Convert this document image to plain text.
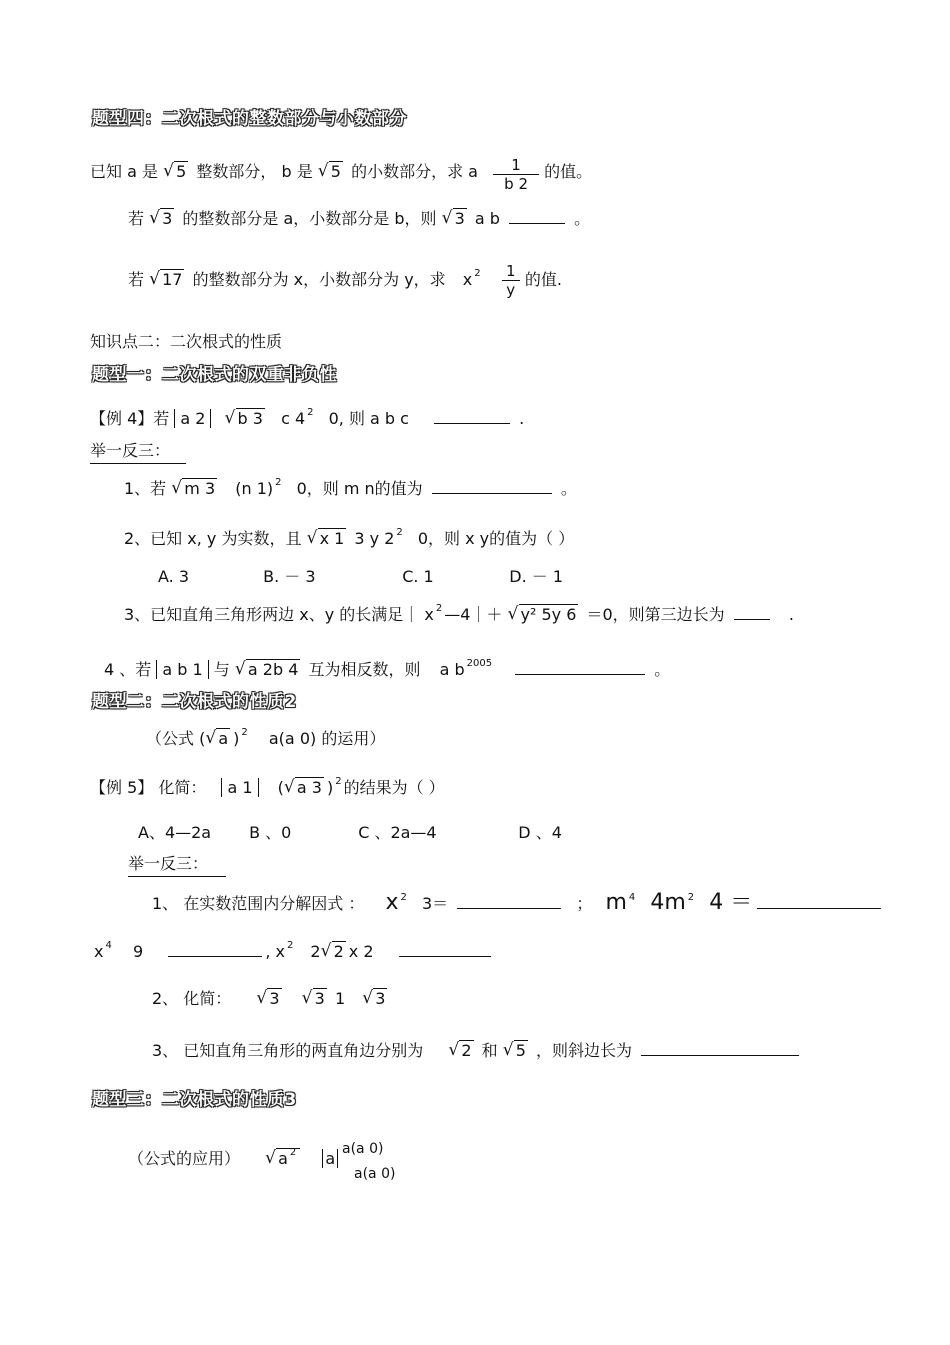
题型四：二次根式的整数部分与小数部分
已知 a 是 √ 5 整数部分， b 是 √ 5 的小数部分，求 a $\frac{1}{b 2}$ 的值。
若 √ 3 的整数部分是 a，小数部分是 b，则 √ 3 a b	。
若 √ 17 的整数部分为 x，小数部分为 y，求 x $^2 \frac{1}{y}$ 的值.
知识点二：二次根式的性质
题型一：二次根式的双重非负性
【例 4】若 a 2 √ b 3 c 4 $^2$ 0, 则 a b c	.
举一反三：
1、若 √ m 3 (n 1) $^2$ 0，则 m n的值为	。
2、已知 x, y 为实数，且 √ x 1 3 y 2 $^2$ 0，则 x y的值为（ ）
A. 3	B. － 3	C. 1	D. － 1
3、已知直角三角形两边 x、y 的长满足｜ x $^2$ —4｜＋ √ y² 5y 6 ＝0，则第三边长为	.
4 、若 a b 1 与 √ a 2b 4 互为相反数，则 a b $^{2005}$	。
题型二：二次根式的性质2
（公式 ( √ a ) $^2$ a(a 0) 的运用）
【例 5】 化简： a 1 ( √ a 3 ) $^2$ 的结果为（ ）
A、4—2a B 、0	C 、2a—4	D 、4
举一反三：
1、 在实数范围内分解因式 ： x $^2$ 3＝	； m $^4$ 4m $^2$ 4 ＝
x $^4$ 9	, x $^2$ 2 √ 2 x 2
2、 化简： √ 3 √ 3 1 √ 3
3、 已知直角三角形的两直角边分别为 √ 2 和 √ 5 ，则斜边长为
题型三：二次根式的性质3
（公式的应用） √ a $^2$ a a(a 0)
a(a 0)
